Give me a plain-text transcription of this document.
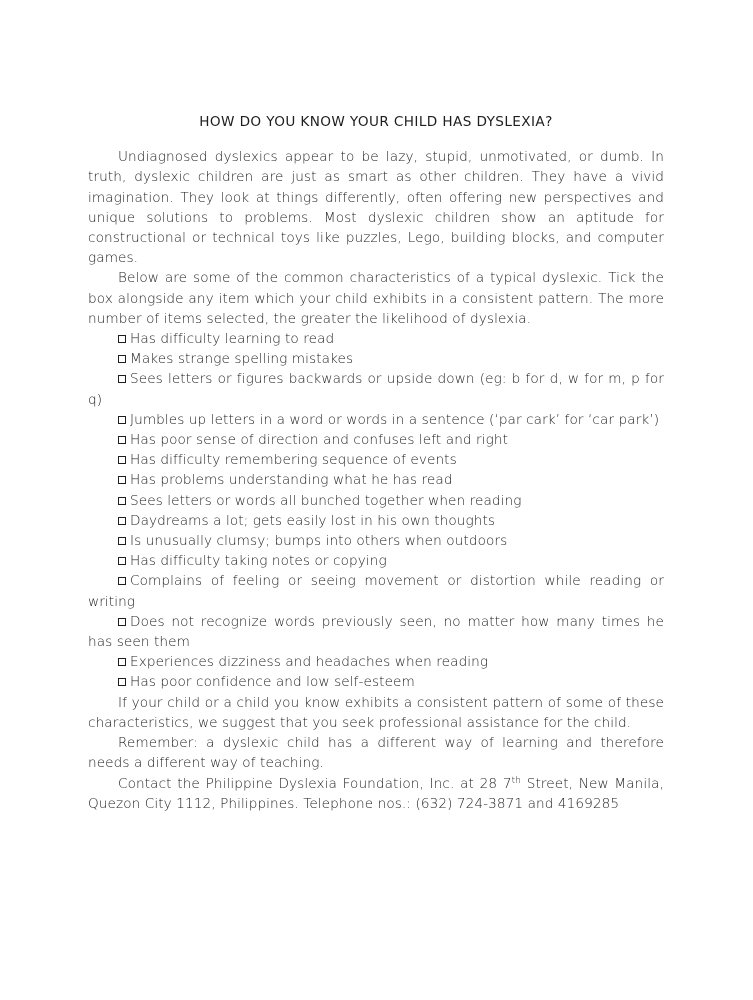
HOW DO YOU KNOW YOUR CHILD HAS DYSLEXIA?

Undiagnosed dyslexics appear to be lazy, stupid, unmotivated, or dumb. In truth, dyslexic children are just as smart as other children. They have a vivid imagination. They look at things differently, often offering new perspectives and unique solutions to problems. Most dyslexic children show an aptitude for constructional or technical toys like puzzles, Lego, building blocks, and computer games.

Below are some of the common characteristics of a typical dyslexic. Tick the box alongside any item which your child exhibits in a consistent pattern. The more number of items selected, the greater the likelihood of dyslexia.

Has difficulty learning to read

Makes strange spelling mistakes

Sees letters or figures backwards or upside down (eg: b for d, w for m, p for q)

Jumbles up letters in a word or words in a sentence (‘par cark’ for ‘car park’)

Has poor sense of direction and confuses left and right

Has difficulty remembering sequence of events

Has problems understanding what he has read

Sees letters or words all bunched together when reading

Daydreams a lot; gets easily lost in his own thoughts

Is unusually clumsy; bumps into others when outdoors

Has difficulty taking notes or copying

Complains of feeling or seeing movement or distortion while reading or writing

Does not recognize words previously seen, no matter how many times he has seen them

Experiences dizziness and headaches when reading

Has poor confidence and low self-esteem

If your child or a child you know exhibits a consistent pattern of some of these characteristics, we suggest that you seek professional assistance for the child.

Remember: a dyslexic child has a different way of learning and therefore needs a different way of teaching.

Contact the Philippine Dyslexia Foundation, Inc. at 28 7th Street, New Manila, Quezon City 1112, Philippines. Telephone nos.: (632) 724-3871 and 4169285
